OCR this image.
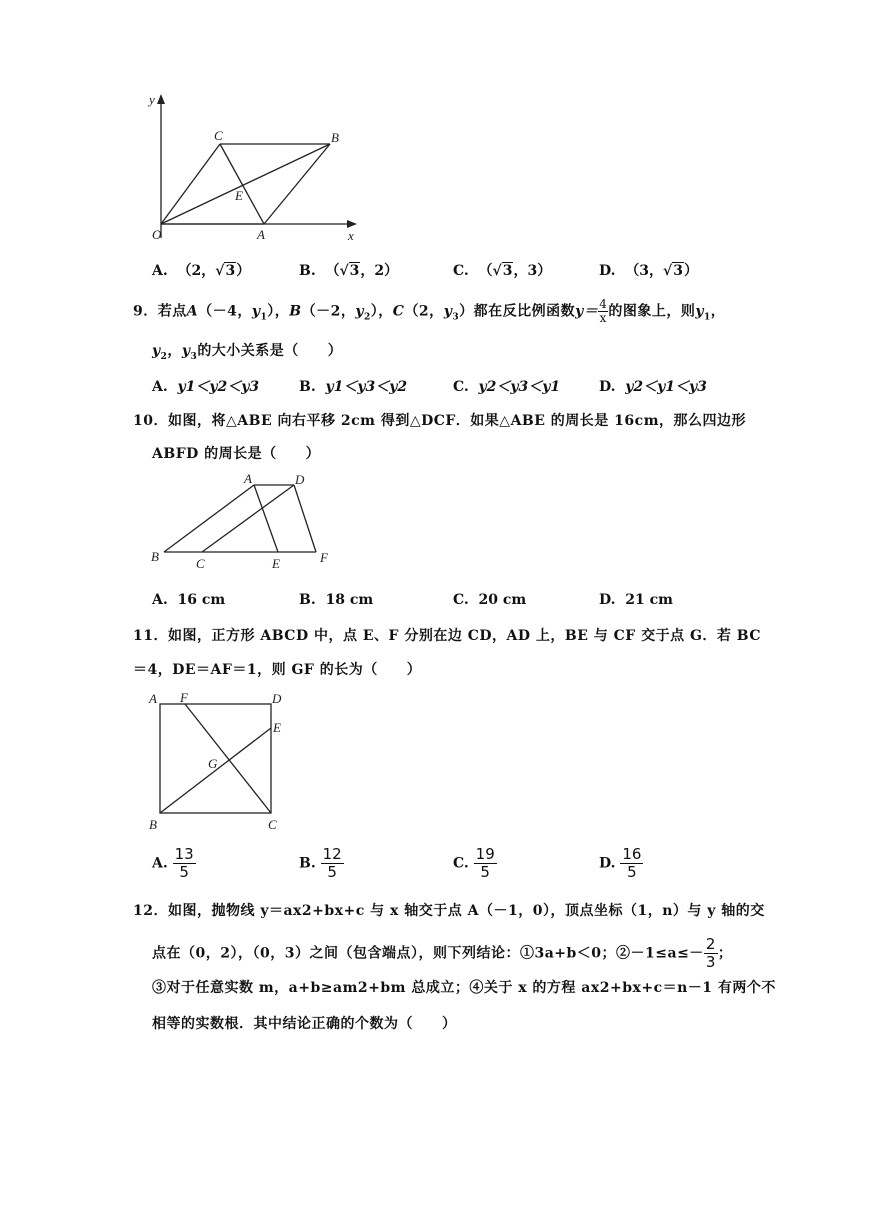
y
C	B
E
O	A	x
A. （2，√3）	B. （√3，2）	C. （√3，3）	D. （3，√3）
9．若点A（－4，$y_1$），B（－2，$y_2$），C（2，$y_3$）都在反比例函数$y= \frac{4}{x}$ 的图象上，则$y_1$，
$y_2$，$y_3$的大小关系是（　　）
A. y1＜y2＜y3	B. y1＜y3＜y2	C. y2＜y3＜y1	D. y2＜y1＜y3
10．如图，将△ABE 向右平移 2cm 得到△DCF．如果△ABE 的周长是 16cm，那么四边形
ABFD 的周长是（　　）
A	D
B	C	E	F
A. 16 cm	B. 18 cm	C. 20 cm	D. 21 cm
11．如图，正方形 ABCD 中，点 E、F 分别在边 CD，AD 上，BE 与 CF 交于点 G．若 BC
＝4，DE＝AF＝1，则 GF 的长为（　　）
A F	D
E
G
B	C
A. $\frac{13}{5}$	B. $\frac{12}{5}$	C. $\frac{19}{5}$	D. $\frac{16}{5}$
12．如图，抛物线 y＝ax2+bx+c 与 x 轴交于点 A（－1，0），顶点坐标（1，n）与 y 轴的交
点在（0，2），（0，3）之间（包含端点），则下列结论：①3a+b＜0；②－1≤a≤－ $\frac{2}{3}$ ；
③对于任意实数 m，a+b≥am2+bm 总成立；④关于 x 的方程 ax2+bx+c＝n－1 有两个不
相等的实数根．其中结论正确的个数为（　　）
